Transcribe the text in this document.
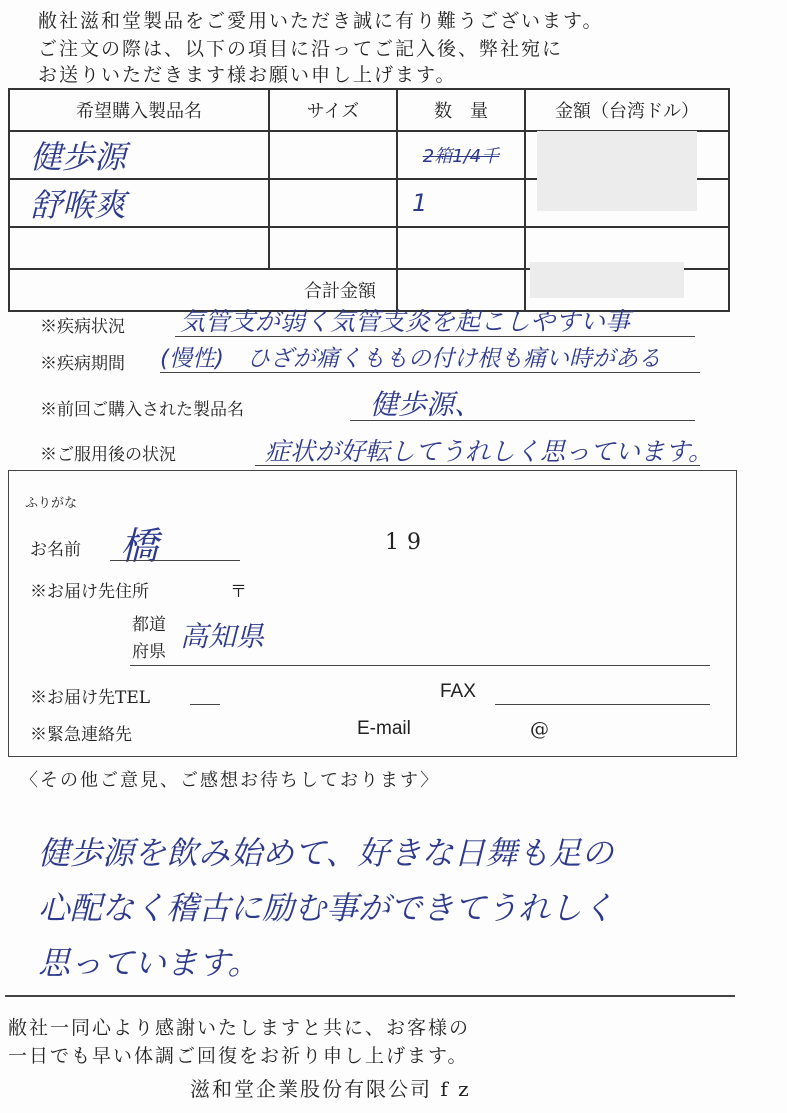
敝社滋和堂製品をご愛用いただき誠に有り難うございます。
ご注文の際は、以下の項目に沿ってご記入後、弊社宛に
お送りいただきます様お願い申し上げます。
希望購入製品名	サイズ	数　量	金額（台湾ドル）
健歩源		2箱1/4千	
舒喉爽		1	

合計金額			
※疾病状況 気管支が弱く気管支炎を起こしやすい事
※疾病期間 (慢性)　ひざが痛くももの付け根も痛い時がある
※前回ご購入された製品名	健歩源、
※ご服用後の状況	症状が好転してうれしく思っています。
ふりがな
お名前 橋	19
※お届け先住所	〒
都道
府県 高知県
※お届け先TEL	FAX
※緊急連絡先	E-mail	@
〈その他ご意見、ご感想お待ちしております〉
健歩源を飲み始めて、好きな日舞も足の
心配なく稽古に励む事ができてうれしく
思っています。
敝社一同心より感謝いたしますと共に、お客様の
一日でも早い体調ご回復をお祈り申し上げます。
滋和堂企業股份有限公司 f z
